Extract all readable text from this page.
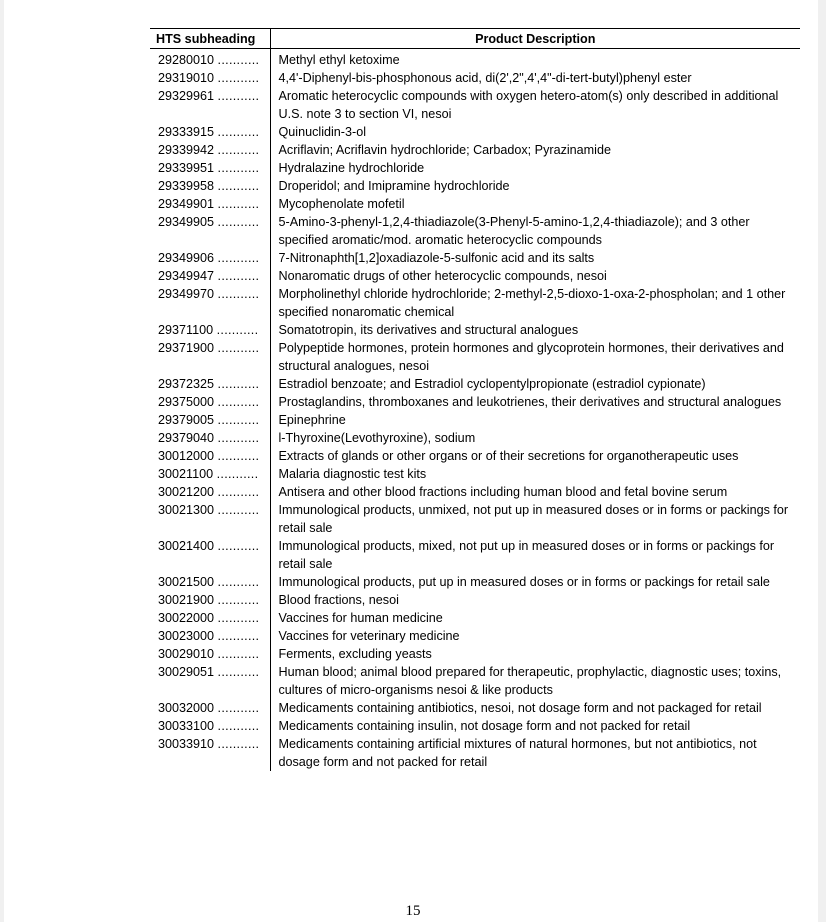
HTS subheading	Product Description
29280010 ...........	Methyl ethyl ketoxime
29319010 ...........	4,4'-Diphenyl-bis-phosphonous acid, di(2',2",4',4"-di-tert-butyl)phenyl ester
29329961 ...........	Aromatic heterocyclic compounds with oxygen hetero-atom(s) only described in additional U.S. note 3 to section VI, nesoi
29333915 ...........	Quinuclidin-3-ol
29339942 ...........	Acriflavin; Acriflavin hydrochloride; Carbadox; Pyrazinamide
29339951 ...........	Hydralazine hydrochloride
29339958 ...........	Droperidol; and Imipramine hydrochloride
29349901 ...........	Mycophenolate mofetil
29349905 ...........	5-Amino-3-phenyl-1,2,4-thiadiazole(3-Phenyl-5-amino-1,2,4-thiadiazole); and 3 other specified aromatic/mod. aromatic heterocyclic compounds
29349906 ...........	7-Nitronaphth[1,2]oxadiazole-5-sulfonic acid and its salts
29349947 ...........	Nonaromatic drugs of other heterocyclic compounds, nesoi
29349970 ...........	Morpholinethyl chloride hydrochloride; 2-methyl-2,5-dioxo-1-oxa-2-phospholan; and 1 other specified nonaromatic chemical
29371100 ...........	Somatotropin, its derivatives and structural analogues
29371900 ...........	Polypeptide hormones, protein hormones and glycoprotein hormones, their derivatives and structural analogues, nesoi
29372325 ...........	Estradiol benzoate; and Estradiol cyclopentylpropionate (estradiol cypionate)
29375000 ...........	Prostaglandins, thromboxanes and leukotrienes, their derivatives and structural analogues
29379005 ...........	Epinephrine
29379040 ...........	l-Thyroxine(Levothyroxine), sodium
30012000 ...........	Extracts of glands or other organs or of their secretions for organotherapeutic uses
30021100 ...........	Malaria diagnostic test kits
30021200 ...........	Antisera and other blood fractions including human blood and fetal bovine serum
30021300 ...........	Immunological products, unmixed, not put up in measured doses or in forms or packings for retail sale
30021400 ...........	Immunological products, mixed, not put up in measured doses or in forms or packings for retail sale
30021500 ...........	Immunological products, put up in measured doses or in forms or packings for retail sale
30021900 ...........	Blood fractions, nesoi
30022000 ...........	Vaccines for human medicine
30023000 ...........	Vaccines for veterinary medicine
30029010 ...........	Ferments, excluding yeasts
30029051 ...........	Human blood; animal blood prepared for therapeutic, prophylactic, diagnostic uses; toxins, cultures of micro-organisms nesoi & like products
30032000 ...........	Medicaments containing antibiotics, nesoi, not dosage form and not packaged for retail
30033100 ...........	Medicaments containing insulin, not dosage form and not packed for retail
30033910 ...........	Medicaments containing artificial mixtures of natural hormones, but not antibiotics, not dosage form and not packed for retail
15
